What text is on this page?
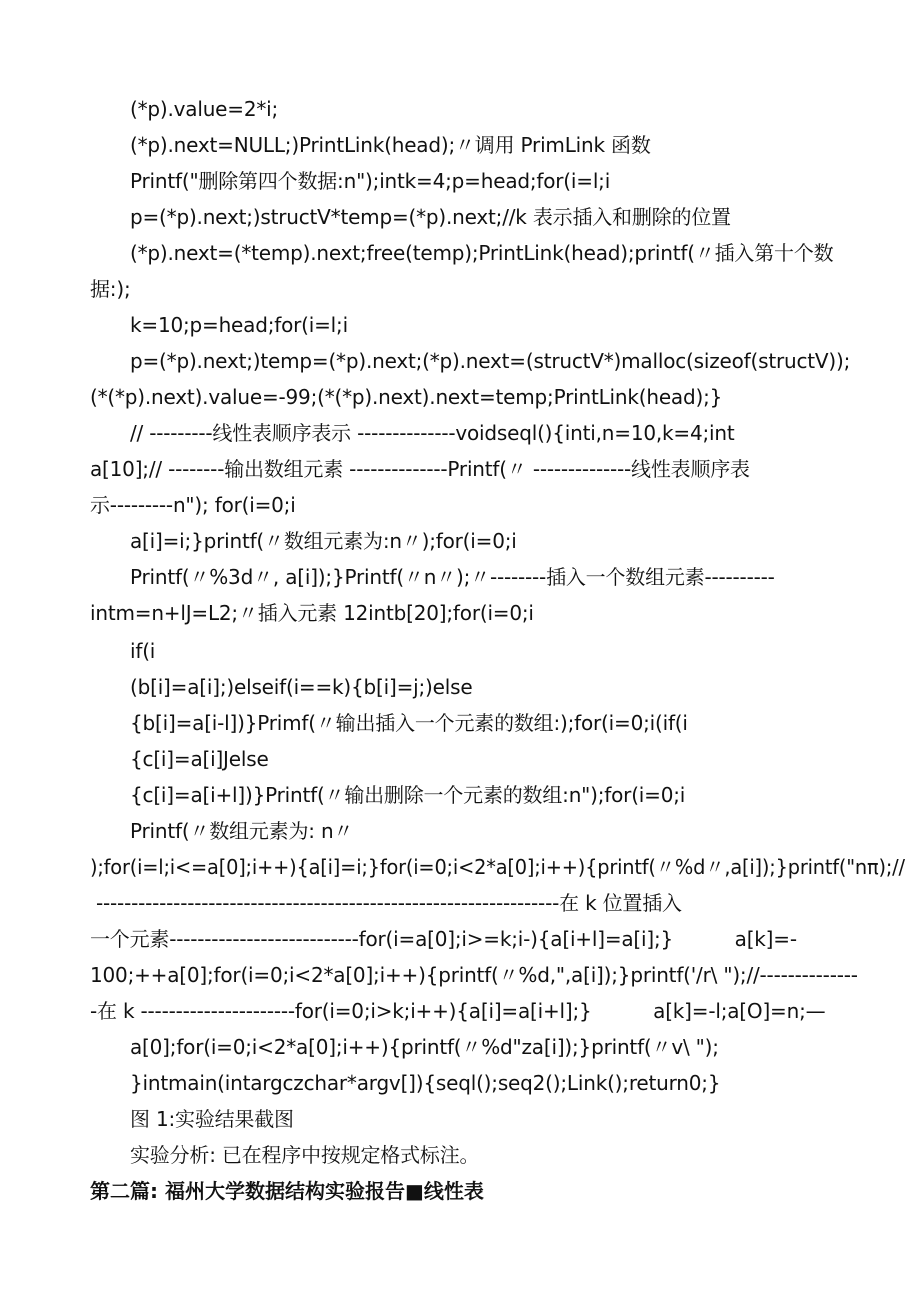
(*p).value=2*i;
(*p).next=NULL;)PrintLink(head);〃调用 PrimLink 函数
Printf("删除第四个数据:n");intk=4;p=head;for(i=l;i
p=(*p).next;)structV*temp=(*p).next;//k 表示插入和删除的位置
(*p).next=(*temp).next;free(temp);PrintLink(head);printf(〃插入第十个数
据:);
k=10;p=head;for(i=l;i
p=(*p).next;)temp=(*p).next;(*p).next=(structV*)malloc(sizeof(structV));
(*(*p).next).value=-99;(*(*p).next).next=temp;PrintLink(head);}
// ---------线性表顺序表示 --------------voidseql(){inti,n=10,k=4;int
a[10];// --------输出数组元素 --------------Printf(〃 --------------线性表顺序表
示---------n"); for(i=0;i
a[i]=i;}printf(〃数组元素为:n〃);for(i=0;i
Printf(〃%3d〃, a[i]);}Printf(〃n〃);〃--------插入一个数组元素----------
intm=n+lJ=L2;〃插入元素 12intb[20];for(i=0;i
if(i
(b[i]=a[i];)elseif(i==k){b[i]=j;)else
{b[i]=a[i-l])}Primf(〃输出插入一个元素的数组:);for(i=0;i(if(i
{c[i]=a[i]Jelse
{c[i]=a[i+l])}Printf(〃输出删除一个元素的数组:n");for(i=0;i
Printf(〃数组元素为: n〃
);for(i=l;i<=a[0];i++){a[i]=i;}for(i=0;i<2*a[0];i++){printf(〃%d〃,a[i]);}printf("nπ);//
------------------------------------------------------------------在 k 位置插入
一个元素---------------------------for(i=a[0];i>=k;i-){a[i+l]=a[i];}          a[k]=-
100;++a[0];for(i=0;i<2*a[0];i++){printf(〃%d,",a[i]);}printf('/r\ ");//--------------
-在 k ----------------------for(i=0;i>k;i++){a[i]=a[i+l];}          a[k]=-l;a[O]=n;—
a[0];for(i=0;i<2*a[0];i++){printf(〃%d"za[i]);}printf(〃v\ ");
}intmain(intargczchar*argv[]){seql();seq2();Link();return0;}
图 1:实验结果截图
实验分析: 已在程序中按规定格式标注。
第二篇: 福州大学数据结构实验报告■线性表
